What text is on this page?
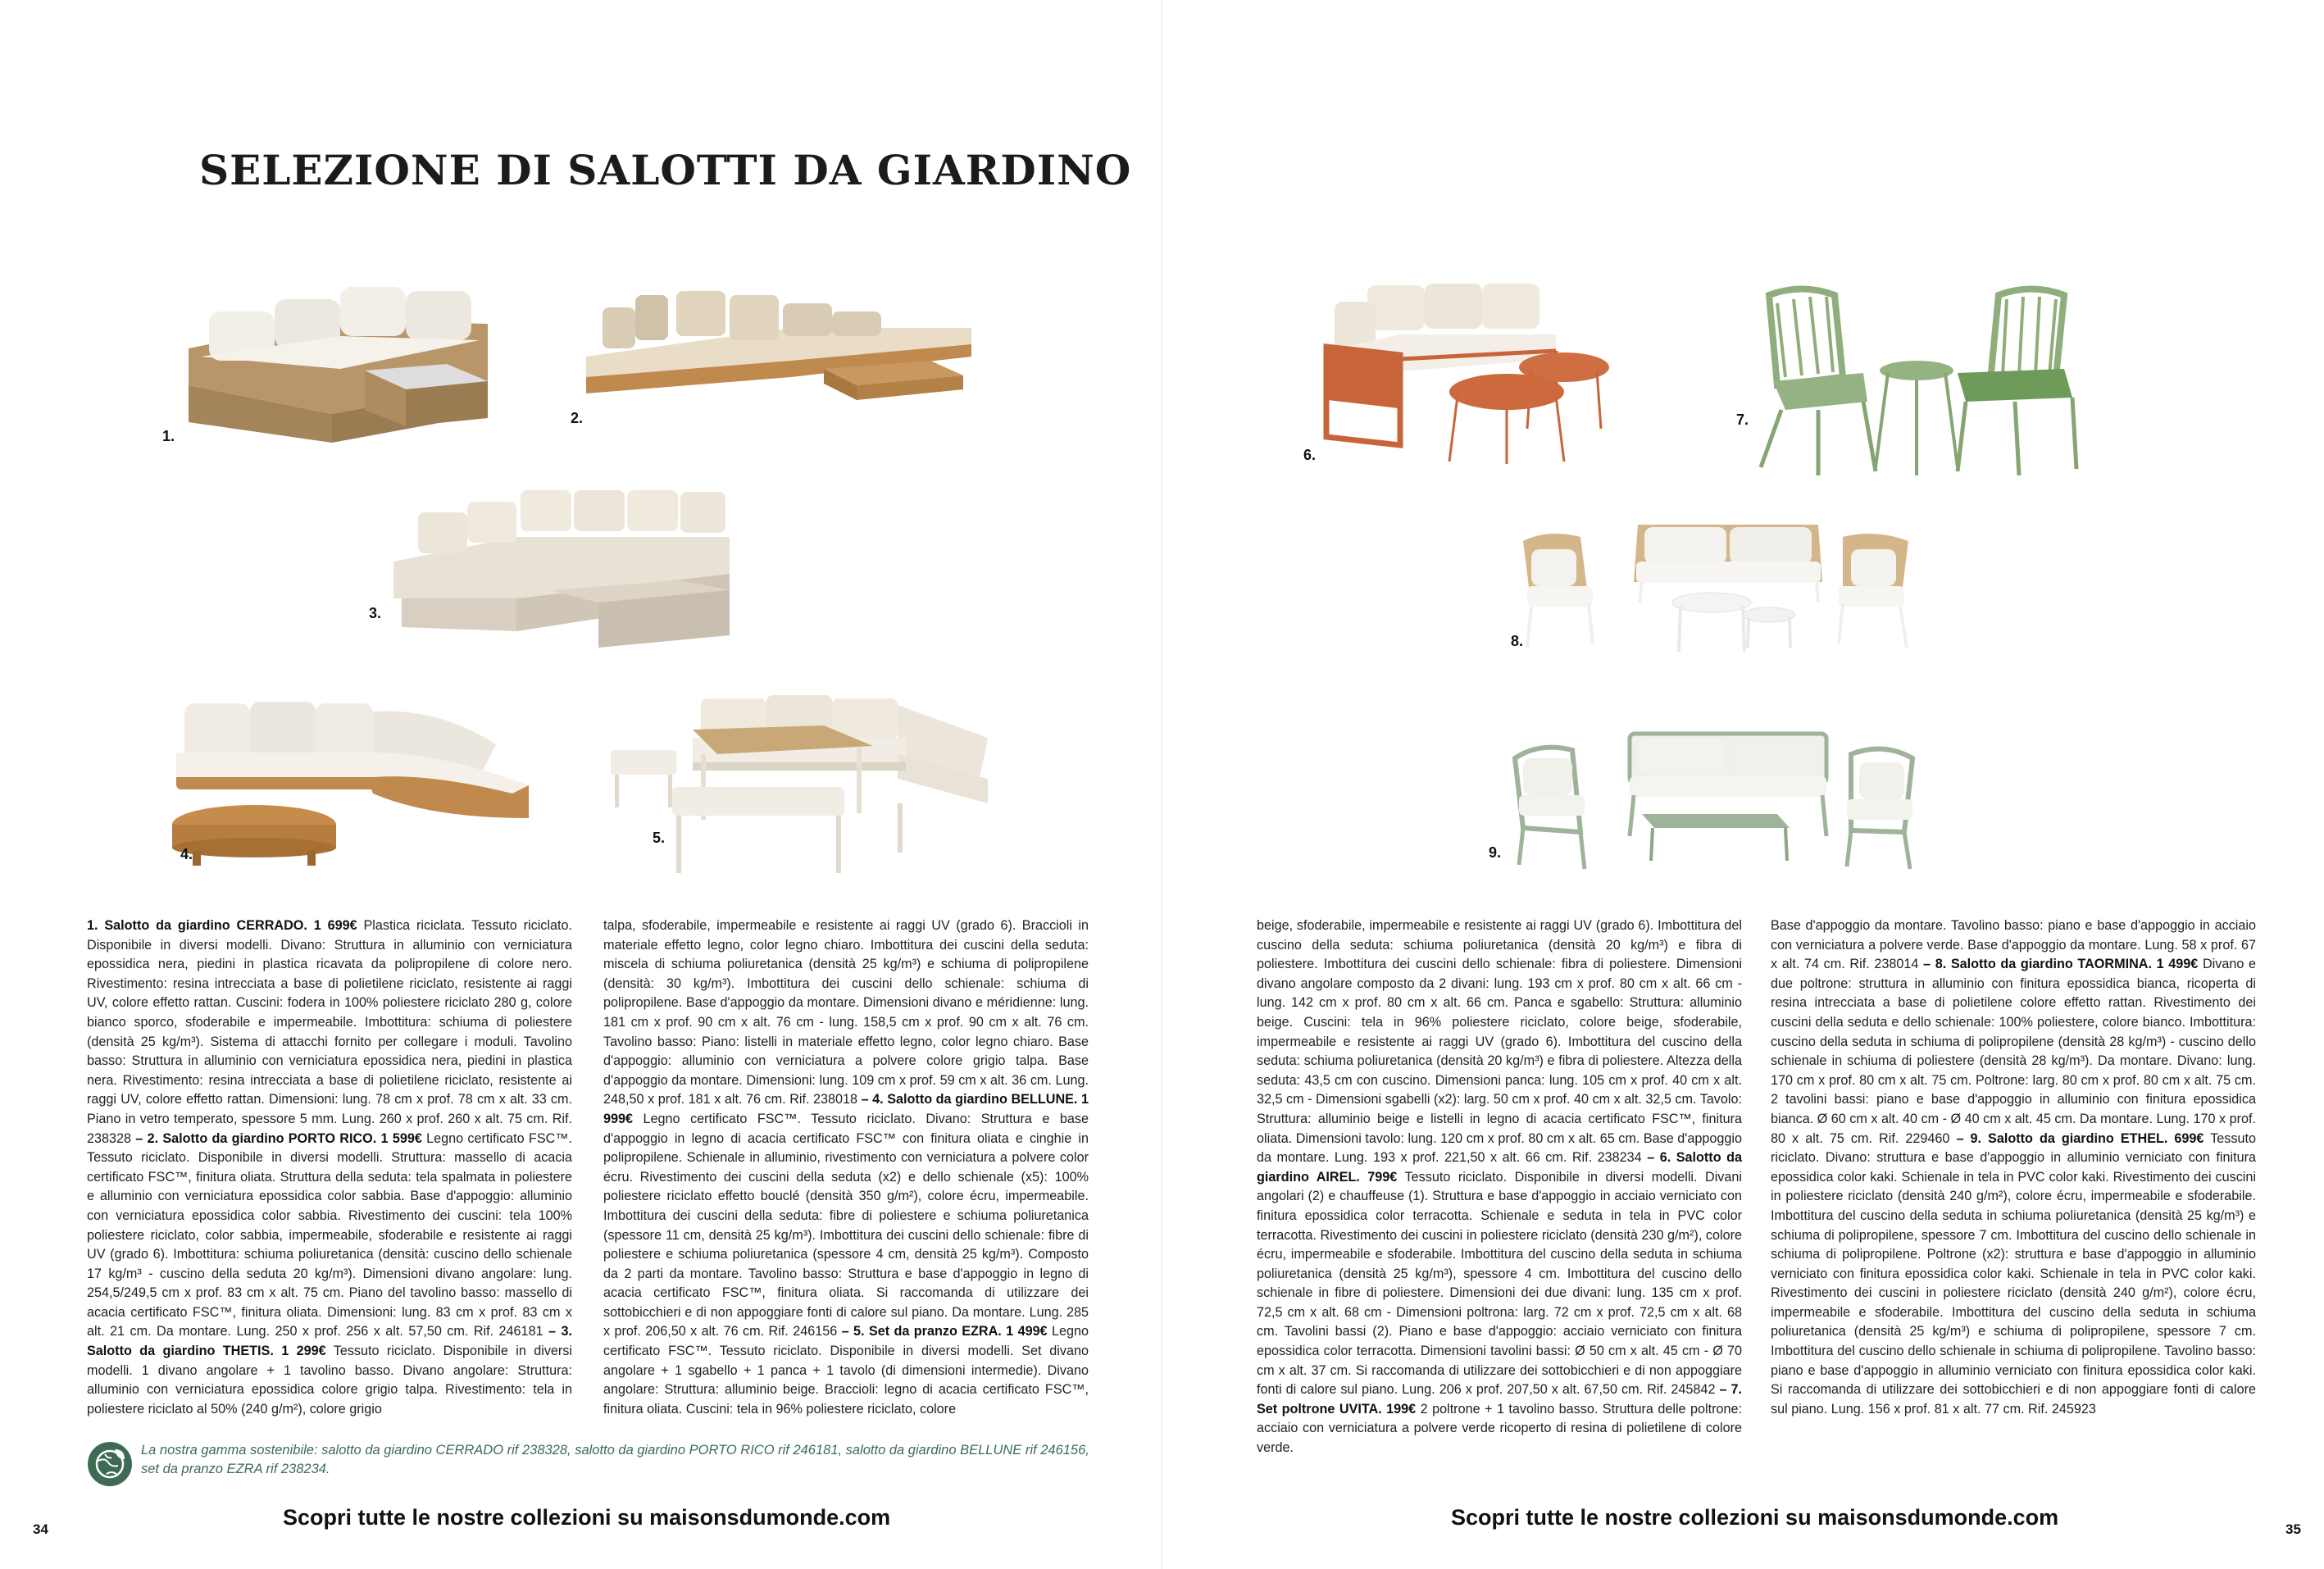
SELEZIONE DI SALOTTI DA GIARDINO
1.
2.
3.
4.
5.
1. Salotto da giardino CERRADO. 1 699€ Plastica riciclata. Tessuto riciclato. Disponibile in diversi modelli. Divano: Struttura in alluminio con verniciatura epossidica nera, piedini in plastica ricavata da polipropilene di colore nero. Rivestimento: resina intrecciata a base di polietilene riciclato, resistente ai raggi UV, colore effetto rattan. Cuscini: fodera in 100% poliestere riciclato 280 g, colore bianco sporco, sfoderabile e impermeabile. Imbottitura: schiuma di poliestere (densità 25 kg/m³). Sistema di attacchi fornito per collegare i moduli. Tavolino basso: Struttura in alluminio con verniciatura epossidica nera, piedini in plastica nera. Rivestimento: resina intrecciata a base di polietilene riciclato, resistente ai raggi UV, colore effetto rattan. Dimensioni: lung. 78 cm x prof. 78 cm x alt. 33 cm. Piano in vetro temperato, spessore 5 mm. Lung. 260 x prof. 260 x alt. 75 cm. Rif. 238328 – 2. Salotto da giardino PORTO RICO. 1 599€ Legno certificato FSC™. Tessuto riciclato. Disponibile in diversi modelli. Struttura: massello di acacia certificato FSC™, finitura oliata. Struttura della seduta: tela spalmata in poliestere e alluminio con verniciatura epossidica color sabbia. Base d'appoggio: alluminio con verniciatura epossidica color sabbia. Rivestimento dei cuscini: tela 100% poliestere riciclato, color sabbia, impermeabile, sfoderabile e resistente ai raggi UV (grado 6). Imbottitura: schiuma poliuretanica (densità: cuscino dello schienale 17 kg/m³ - cuscino della seduta 20 kg/m³). Dimensioni divano angolare: lung. 254,5/249,5 cm x prof. 83 cm x alt. 75 cm. Piano del tavolino basso: massello di acacia certificato FSC™, finitura oliata. Dimensioni: lung. 83 cm x prof. 83 cm x alt. 21 cm. Da montare. Lung. 250 x prof. 256 x alt. 57,50 cm. Rif. 246181 – 3. Salotto da giardino THETIS. 1 299€ Tessuto riciclato. Disponibile in diversi modelli. 1 divano angolare + 1 tavolino basso. Divano angolare: Struttura: alluminio con verniciatura epossidica colore grigio talpa. Rivestimento: tela in poliestere riciclato al 50% (240 g/m²), colore grigio
talpa, sfoderabile, impermeabile e resistente ai raggi UV (grado 6). Braccioli in materiale effetto legno, color legno chiaro. Imbottitura dei cuscini della seduta: miscela di schiuma poliuretanica (densità 25 kg/m³) e schiuma di polipropilene (densità: 30 kg/m³). Imbottitura dei cuscini dello schienale: schiuma di polipropilene. Base d'appoggio da montare. Dimensioni divano e méridienne: lung. 181 cm x prof. 90 cm x alt. 76 cm - lung. 158,5 cm x prof. 90 cm x alt. 76 cm. Tavolino basso: Piano: listelli in materiale effetto legno, color legno chiaro. Base d'appoggio: alluminio con verniciatura a polvere colore grigio talpa. Base d'appoggio da montare. Dimensioni: lung. 109 cm x prof. 59 cm x alt. 36 cm. Lung. 248,50 x prof. 181 x alt. 76 cm. Rif. 238018 – 4. Salotto da giardino BELLUNE. 1 999€ Legno certificato FSC™. Tessuto riciclato. Divano: Struttura e base d'appoggio in legno di acacia certificato FSC™ con finitura oliata e cinghie in polipropilene. Schienale in alluminio, rivestimento con verniciatura a polvere color écru. Rivestimento dei cuscini della seduta (x2) e dello schienale (x5): 100% poliestere riciclato effetto bouclé (densità 350 g/m²), colore écru, impermeabile. Imbottitura dei cuscini della seduta: fibre di poliestere e schiuma poliuretanica (spessore 11 cm, densità 25 kg/m³). Imbottitura dei cuscini dello schienale: fibre di poliestere e schiuma poliuretanica (spessore 4 cm, densità 25 kg/m³). Composto da 2 parti da montare. Tavolino basso: Struttura e base d'appoggio in legno di acacia certificato FSC™, finitura oliata. Si raccomanda di utilizzare dei sottobicchieri e di non appoggiare fonti di calore sul piano. Da montare. Lung. 285 x prof. 206,50 x alt. 76 cm. Rif. 246156 – 5. Set da pranzo EZRA. 1 499€ Legno certificato FSC™. Tessuto riciclato. Disponibile in diversi modelli. Set divano angolare + 1 sgabello + 1 panca + 1 tavolo (di dimensioni intermedie). Divano angolare: Struttura: alluminio beige. Braccioli: legno di acacia certificato FSC™, finitura oliata. Cuscini: tela in 96% poliestere riciclato, colore
La nostra gamma sostenibile: salotto da giardino CERRADO rif 238328, salotto da giardino PORTO RICO rif 246181, salotto da giardino BELLUNE rif 246156, set da pranzo EZRA rif 238234.
Scopri tutte le nostre collezioni su maisonsdumonde.com
34
6.
7.
8.
9.
beige, sfoderabile, impermeabile e resistente ai raggi UV (grado 6). Imbottitura del cuscino della seduta: schiuma poliuretanica (densità 20 kg/m³) e fibra di poliestere. Imbottitura dei cuscini dello schienale: fibra di poliestere. Dimensioni divano angolare composto da 2 divani: lung. 193 cm x prof. 80 cm x alt. 66 cm - lung. 142 cm x prof. 80 cm x alt. 66 cm. Panca e sgabello: Struttura: alluminio beige. Cuscini: tela in 96% poliestere riciclato, colore beige, sfoderabile, impermeabile e resistente ai raggi UV (grado 6). Imbottitura del cuscino della seduta: schiuma poliuretanica (densità 20 kg/m³) e fibra di poliestere. Altezza della seduta: 43,5 cm con cuscino. Dimensioni panca: lung. 105 cm x prof. 40 cm x alt. 32,5 cm - Dimensioni sgabelli (x2): larg. 50 cm x prof. 40 cm x alt. 32,5 cm. Tavolo: Struttura: alluminio beige e listelli in legno di acacia certificato FSC™, finitura oliata. Dimensioni tavolo: lung. 120 cm x prof. 80 cm x alt. 65 cm. Base d'appoggio da montare. Lung. 193 x prof. 221,50 x alt. 66 cm. Rif. 238234 – 6. Salotto da giardino AIREL. 799€ Tessuto riciclato. Disponibile in diversi modelli. Divani angolari (2) e chauffeuse (1). Struttura e base d'appoggio in acciaio verniciato con finitura epossidica color terracotta. Schienale e seduta in tela in PVC color terracotta. Rivestimento dei cuscini in poliestere riciclato (densità 230 g/m²), colore écru, impermeabile e sfoderabile. Imbottitura del cuscino della seduta in schiuma poliuretanica (densità 25 kg/m³), spessore 4 cm. Imbottitura del cuscino dello schienale in fibre di poliestere. Dimensioni dei due divani: lung. 135 cm x prof. 72,5 cm x alt. 68 cm - Dimensioni poltrona: larg. 72 cm x prof. 72,5 cm x alt. 68 cm. Tavolini bassi (2). Piano e base d'appoggio: acciaio verniciato con finitura epossidica color terracotta. Dimensioni tavolini bassi: Ø 50 cm x alt. 45 cm - Ø 70 cm x alt. 37 cm. Si raccomanda di utilizzare dei sottobicchieri e di non appoggiare fonti di calore sul piano. Lung. 206 x prof. 207,50 x alt. 67,50 cm. Rif. 245842 – 7. Set poltrone UVITA. 199€ 2 poltrone + 1 tavolino basso. Struttura delle poltrone: acciaio con verniciatura a polvere verde ricoperto di resina di polietilene di colore verde.
Base d'appoggio da montare. Tavolino basso: piano e base d'appoggio in acciaio con verniciatura a polvere verde. Base d'appoggio da montare. Lung. 58 x prof. 67 x alt. 74 cm. Rif. 238014 – 8. Salotto da giardino TAORMINA. 1 499€ Divano e due poltrone: struttura in alluminio con finitura epossidica bianca, ricoperta di resina intrecciata a base di polietilene colore effetto rattan. Rivestimento dei cuscini della seduta e dello schienale: 100% poliestere, colore bianco. Imbottitura: cuscino della seduta in schiuma di polipropilene (densità 28 kg/m³) - cuscino dello schienale in schiuma di poliestere (densità 28 kg/m³). Da montare. Divano: lung. 170 cm x prof. 80 cm x alt. 75 cm. Poltrone: larg. 80 cm x prof. 80 cm x alt. 75 cm. 2 tavolini bassi: piano e base d'appoggio in alluminio con finitura epossidica bianca. Ø 60 cm x alt. 40 cm - Ø 40 cm x alt. 45 cm. Da montare. Lung. 170 x prof. 80 x alt. 75 cm. Rif. 229460 – 9. Salotto da giardino ETHEL. 699€ Tessuto riciclato. Divano: struttura e base d'appoggio in alluminio verniciato con finitura epossidica color kaki. Schienale in tela in PVC color kaki. Rivestimento dei cuscini in poliestere riciclato (densità 240 g/m²), colore écru, impermeabile e sfoderabile. Imbottitura del cuscino della seduta in schiuma poliuretanica (densità 25 kg/m³) e schiuma di polipropilene, spessore 7 cm. Imbottitura del cuscino dello schienale in schiuma di polipropilene. Poltrone (x2): struttura e base d'appoggio in alluminio verniciato con finitura epossidica color kaki. Schienale in tela in PVC color kaki. Rivestimento dei cuscini in poliestere riciclato (densità 240 g/m²), colore écru, impermeabile e sfoderabile. Imbottitura del cuscino della seduta in schiuma poliuretanica (densità 25 kg/m³) e schiuma di polipropilene, spessore 7 cm. Imbottitura del cuscino dello schienale in schiuma di polipropilene. Tavolino basso: piano e base d'appoggio in alluminio verniciato con finitura epossidica color kaki. Si raccomanda di utilizzare dei sottobicchieri e di non appoggiare fonti di calore sul piano. Lung. 156 x prof. 81 x alt. 77 cm. Rif. 245923
Scopri tutte le nostre collezioni su maisonsdumonde.com	35
